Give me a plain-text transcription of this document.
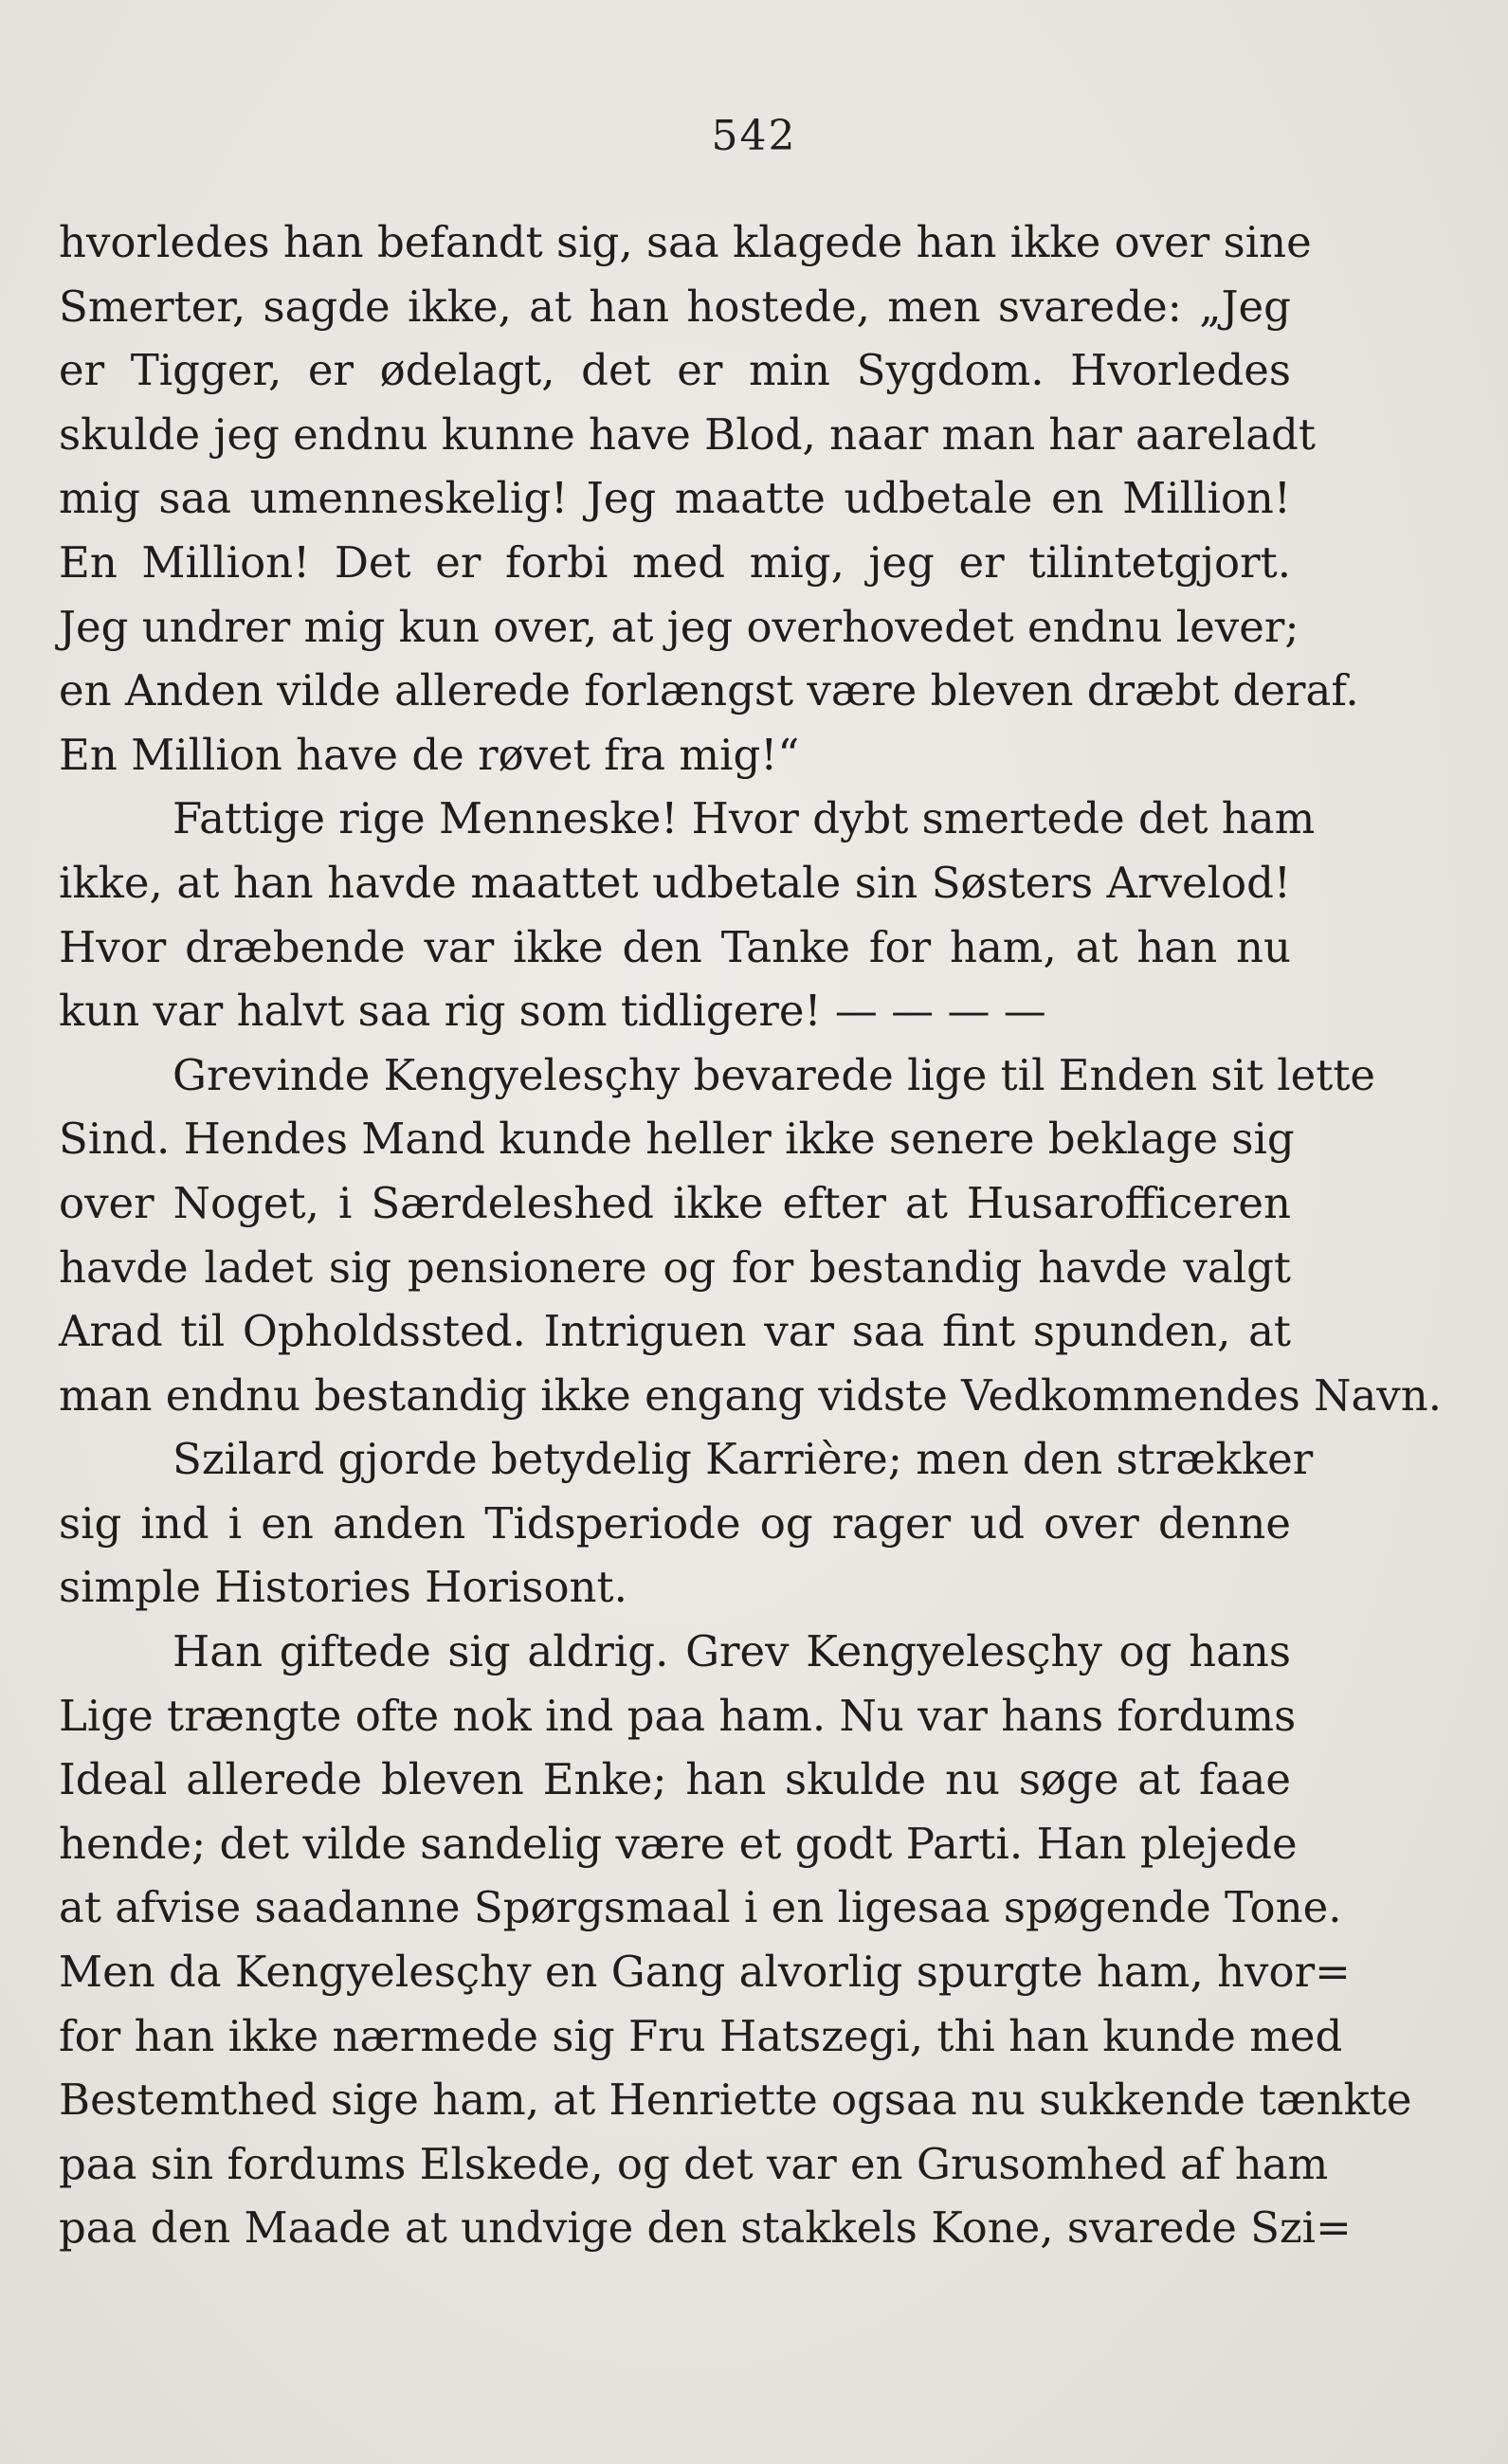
542
hvorledes han befandt sig, saa klagede han ikke over sine
Smerter, sagde ikke, at han hostede, men svarede: „Jeg
er Tigger, er ødelagt, det er min Sygdom. Hvorledes
skulde jeg endnu kunne have Blod, naar man har aareladt
mig saa umenneskelig! Jeg maatte udbetale en Million!
En Million! Det er forbi med mig, jeg er tilintetgjort.
Jeg undrer mig kun over, at jeg overhovedet endnu lever;
en Anden vilde allerede forlængst være bleven dræbt deraf.
En Million have de røvet fra mig!“
Fattige rige Menneske! Hvor dybt smertede det ham
ikke, at han havde maattet udbetale sin Søsters Arvelod!
Hvor dræbende var ikke den Tanke for ham, at han nu
kun var halvt saa rig som tidligere! — — — —
Grevinde Kengyelesçhy bevarede lige til Enden sit lette
Sind. Hendes Mand kunde heller ikke senere beklage sig
over Noget, i Særdeleshed ikke efter at Husarofficeren
havde ladet sig pensionere og for bestandig havde valgt
Arad til Opholdssted. Intriguen var saa fint spunden, at
man endnu bestandig ikke engang vidste Vedkommendes Navn.
Szilard gjorde betydelig Karrière; men den strækker
sig ind i en anden Tidsperiode og rager ud over denne
simple Histories Horisont.
Han giftede sig aldrig. Grev Kengyelesçhy og hans
Lige trængte ofte nok ind paa ham. Nu var hans fordums
Ideal allerede bleven Enke; han skulde nu søge at faae
hende; det vilde sandelig være et godt Parti. Han plejede
at afvise saadanne Spørgsmaal i en ligesaa spøgende Tone.
Men da Kengyelesçhy en Gang alvorlig spurgte ham, hvor=
for han ikke nærmede sig Fru Hatszegi, thi han kunde med
Bestemthed sige ham, at Henriette ogsaa nu sukkende tænkte
paa sin fordums Elskede, og det var en Grusomhed af ham
paa den Maade at undvige den stakkels Kone, svarede Szi=
